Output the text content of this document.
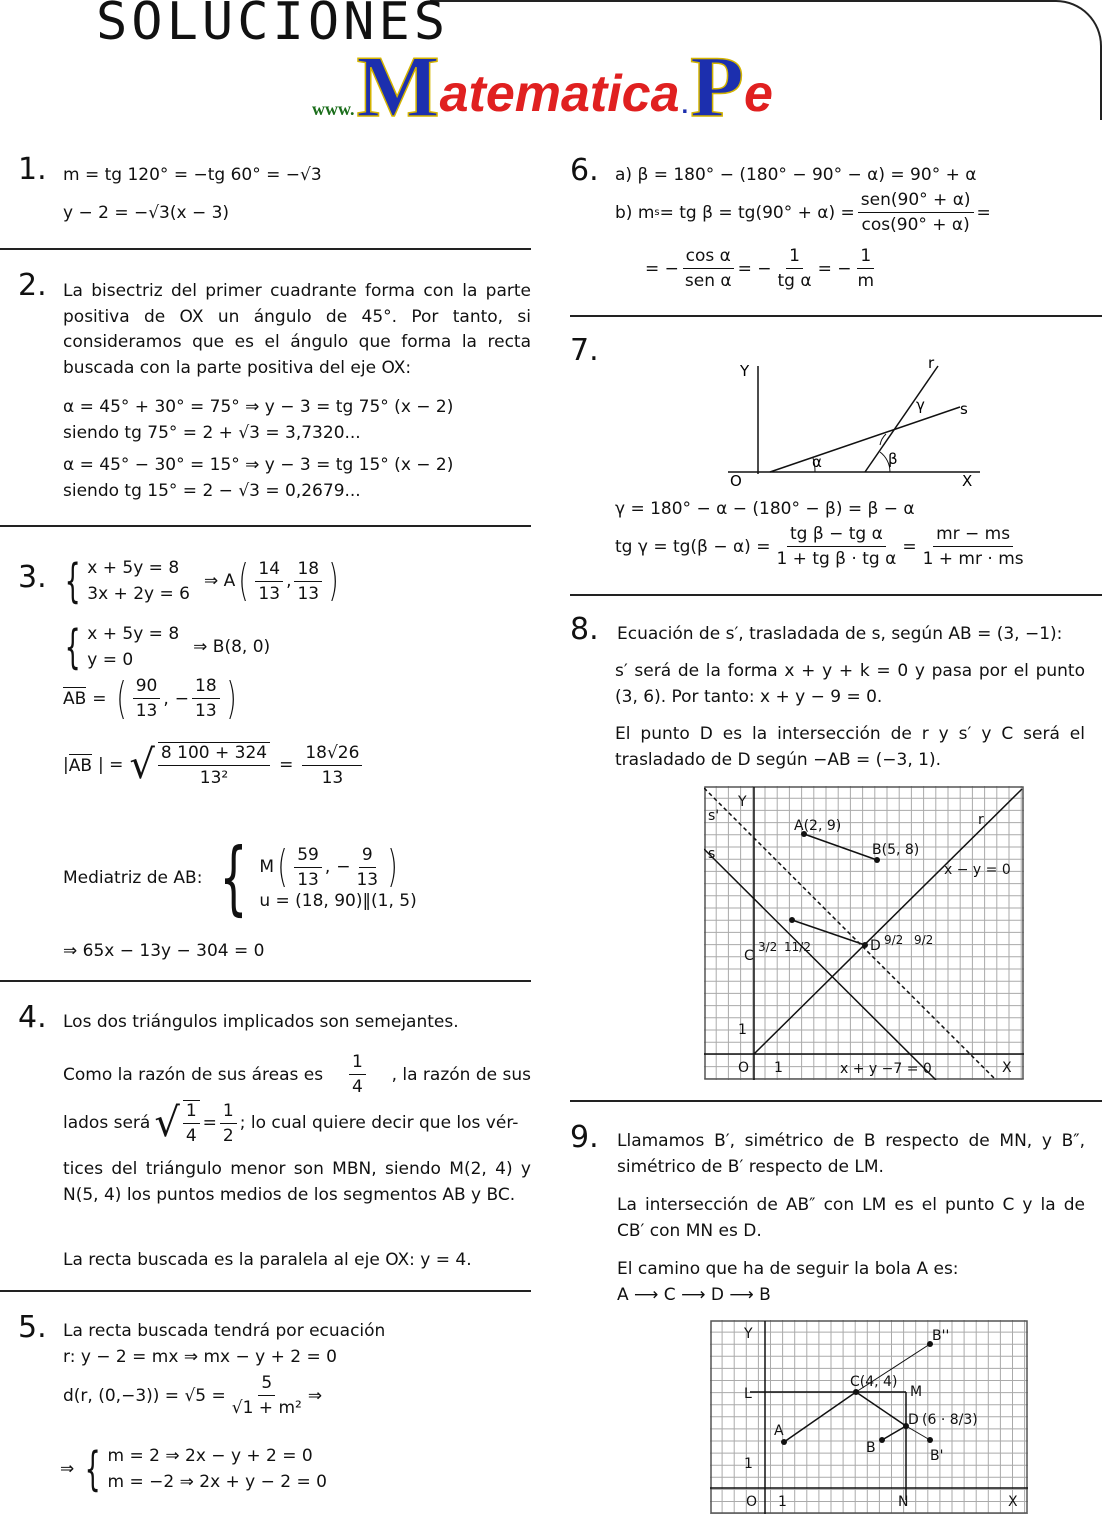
SOLUCIONES
www. M atematica . P e
1. m = tg 120° = −tg 60° = −√3
y − 2 = −√3(x − 3)
2. La bisectriz del primer cuadrante forma con la parte positiva de OX un ángulo de 45°. Por tanto, si consideramos que es el ángulo que forma la recta buscada con la parte positiva del eje OX:
α = 45° + 30° = 75° ⇒ y − 3 = tg 75° (x − 2)
siendo tg 75° = 2 + √3 = 3,7320...
α = 45° − 30° = 15° ⇒ y − 3 = tg 15° (x − 2)
siendo tg 15° = 2 − √3 = 0,2679...
3. { x + 5y = 8
3x + 2y = 6
⇒ A ( $\frac{14}{13}$ , $\frac{18}{13}$ )
{ x + 5y = 8
y = 0
⇒ B(8, 0)
AB = ( $\frac{90}{13}$ , − $\frac{18}{13}$ )
| AB | = √ $\frac{8 100 + 324}{\text{13²}} = \frac{18√26}{13}$
Mediatriz de AB: { M ( $\frac{59}{13}$ , − $\frac{9}{13}$ )
u = (18, 90)‖(1, 5)
⇒ 65x − 13y − 304 = 0
4. Los dos triángulos implicados son semejantes.
Como la razón de sus áreas es $\frac{1}{4}$ , la razón de sus
lados será √ $\frac{1}{4} = \frac{1}{2}$ ; lo cual quiere decir que los vér-
tices del triángulo menor son MBN, siendo M(2, 4) y N(5, 4) los puntos medios de los segmentos AB y BC.
La recta buscada es la paralela al eje OX: y = 4.
5. La recta buscada tendrá por ecuación
r: y − 2 = mx ⇒ mx − y + 2 = 0
d(r, $(0,-3)) = √5 = \frac{5}{\text{√1 + m²}}$ ⇒
⇒ { m = 2 ⇒ 2x − y + 2 = 0
m = −2 ⇒ 2x + y − 2 = 0
6. a) β = 180° − (180° − 90° − α) = 90° + α
b) m s = tg $\beta = tg(90^\circ + \alpha) = \frac{\text{sen(90° + α)}}{\cos(90^\circ + \alpha)}$ =
= − $\frac{\text{cos α}}{\text{sen α}}$ = − $\frac{1}{\text{tg α}}$ = − $\frac{1}{m}$
7.
Y	r
s
γ
α	β
O	X
γ = 180° − α − (180° − β) = β − α
tg $\gamma = tg(\beta - \alpha) = \frac{\text{tg β − tg α}}{\text{1 + tg β · tg α}} = \frac{mr - ms}{1 + mr \cdot ms}$
8. Ecuación de s′, trasladada de s, según AB = (3, −1):
s′ será de la forma x + y + k = 0 y pasa por el punto (3, 6). Por tanto: x + y − 9 = 0.
El punto D es la intersección de r y s′ y C será el trasladado de D según −AB = (−3, 1).
Y
s'
s
A(2, 9)
B(5, 8)
r
x − y = 0
C
3/2 11/2	D 9/2 9/2
1
O 1	x + y −7 = 0	X
9. Llamamos B′, simétrico de B respecto de MN, y B″, simétrico de B′ respecto de LM.
La intersección de AB″ con LM es el punto C y la de CB′ con MN es D.
El camino que ha de seguir la bola A es:
A ⟶ C ⟶ D ⟶ B
Y	B''
C(4, 4)
L	M
D (6 · 8/3)
A
B	B'
1
O 1	N	X
